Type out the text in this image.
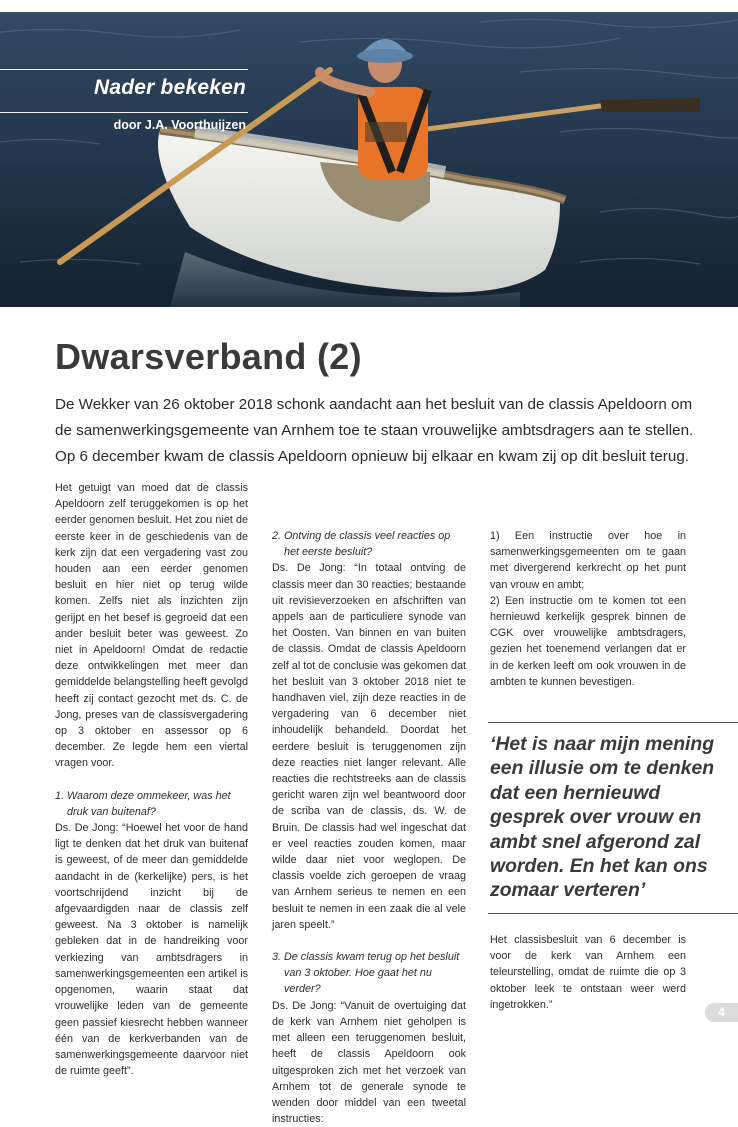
Nader bekeken
door J.A. Voorthuijzen
Dwarsverband (2)

De Wekker van 26 oktober 2018 schonk aandacht aan het besluit van de classis Apeldoorn om de samenwerkingsgemeente van Arnhem toe te staan vrouwelijke ambtsdragers aan te stellen. Op 6 december kwam de classis Apeldoorn opnieuw bij elkaar en kwam zij op dit besluit terug.

Het getuigt van moed dat de classis Apeldoorn zelf teruggekomen is op het eerder genomen besluit. Het zou niet de eerste keer in de geschiedenis van de kerk zijn dat een vergadering vast zou houden aan een eerder genomen besluit en hier niet op terug wilde komen. Zelfs niet als inzichten zijn gerijpt en het besef is gegroeid dat een ander besluit beter was geweest. Zo niet in Apeldoorn! Omdat de redactie deze ontwikkelingen met meer dan gemiddelde belangstelling heeft gevolgd heeft zij contact gezocht met ds. C. de Jong, preses van de classisvergadering op 3 oktober en assessor op 6 december. Ze legde hem een viertal vragen voor.

1. Waarom deze ommekeer, was het druk van buitenaf?

Ds. De Jong: “Hoewel het voor de hand ligt te denken dat het druk van buitenaf is geweest, of de meer dan gemiddelde aandacht in de (kerkelijke) pers, is het voortschrijdend inzicht bij de afgevaardigden naar de classis zelf geweest. Na 3 oktober is namelijk gebleken dat in de handreiking voor verkiezing van ambtsdragers in samenwerkingsgemeenten een artikel is opgenomen, waarin staat dat vrouwelijke leden van de gemeente geen passief kiesrecht hebben wanneer één van de kerkverbanden van de samenwerkingsgemeente daarvoor niet de ruimte geeft”.

2. Ontving de classis veel reacties op het eerste besluit?

Ds. De Jong: “In totaal ontving de classis meer dan 30 reacties; bestaande uit revisieverzoeken en afschriften van appels aan de particuliere synode van het Oosten. Van binnen en van buiten de classis. Omdat de classis Apeldoorn zelf al tot de conclusie was gekomen dat het besluit van 3 oktober 2018 niet te handhaven viel, zijn deze reacties in de vergadering van 6 december niet inhoudelijk behandeld. Doordat het eerdere besluit is teruggenomen zijn deze reacties niet langer relevant. Alle reacties die rechtstreeks aan de classis gericht waren zijn wel beantwoord door de scriba van de classis, ds. W. de Bruin. De classis had wel ingeschat dat er veel reacties zouden komen, maar wilde daar niet voor weglopen. De classis voelde zich geroepen de vraag van Arnhem serieus te nemen en een besluit te nemen in een zaak die al vele jaren speelt.”

3. De classis kwam terug op het besluit van 3 oktober. Hoe gaat het nu verder?

Ds. De Jong: “Vanuit de overtuiging dat de kerk van Arnhem niet geholpen is met alleen een teruggenomen besluit, heeft de classis Apeldoorn ook uitgesproken zich met het verzoek van Arnhem tot de generale synode te wenden door middel van een tweetal instructies:

1) Een instructie over hoe in samenwerkingsgemeenten om te gaan met divergerend kerkrecht op het punt van vrouw en ambt;

2) Een instructie om te komen tot een hernieuwd kerkelijk gesprek binnen de CGK over vrouwelijke ambtsdragers, gezien het toenemend verlangen dat er in de kerken leeft om ook vrouwen in de ambten te kunnen bevestigen.

‘Het is naar mijn mening een illusie om te denken dat een hernieuwd gesprek over vrouw en ambt snel afgerond zal worden. En het kan ons zomaar verteren’

Het classisbesluit van 6 december is voor de kerk van Arnhem een teleurstelling, omdat de ruimte die op 3 oktober leek te ontstaan weer werd ingetrokken.”

4
